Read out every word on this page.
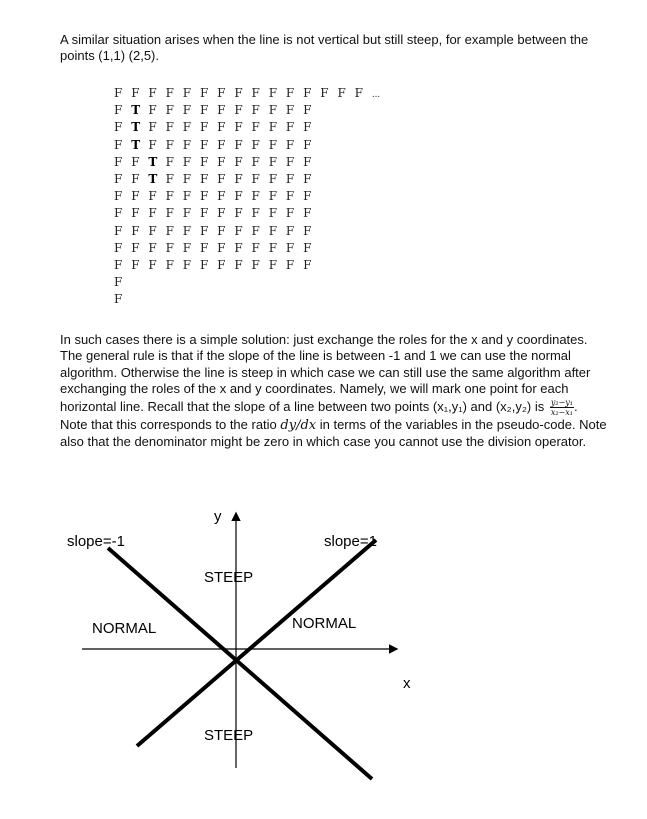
A similar situation arises when the line is not vertical but still steep, for example between the points (1,1) (2,5).

F F F F F F F F F F F F F F F ...
F T F F F F F F F F F F
F T F F F F F F F F F F
F T F F F F F F F F F F
F F T F F F F F F F F F
F F T F F F F F F F F F
F F F F F F F F F F F F
F F F F F F F F F F F F
F F F F F F F F F F F F
F F F F F F F F F F F F
F F F F F F F F F F F F
F
F

In such cases there is a simple solution: just exchange the roles for the x and y coordinates. The general rule is that if the slope of the line is between -1 and 1 we can use the normal algorithm. Otherwise the line is steep in which case we can still use the same algorithm after exchanging the roles of the x and y coordinates. Namely, we will mark one point for each horizontal line. Recall that the slope of a line between two points (x₁,y₁) and (x₂,y₂) is $\frac{\text{y₂−y₁}}{\text{x₂−x₁}}$ . Note that this corresponds to the ratio dy/dx in terms of the variables in the pseudo-code. Note also that the denominator might be zero in which case you cannot use the division operator.

y
x
slope=-1	slope=1
STEEP
STEEP
NORMAL	NORMAL
